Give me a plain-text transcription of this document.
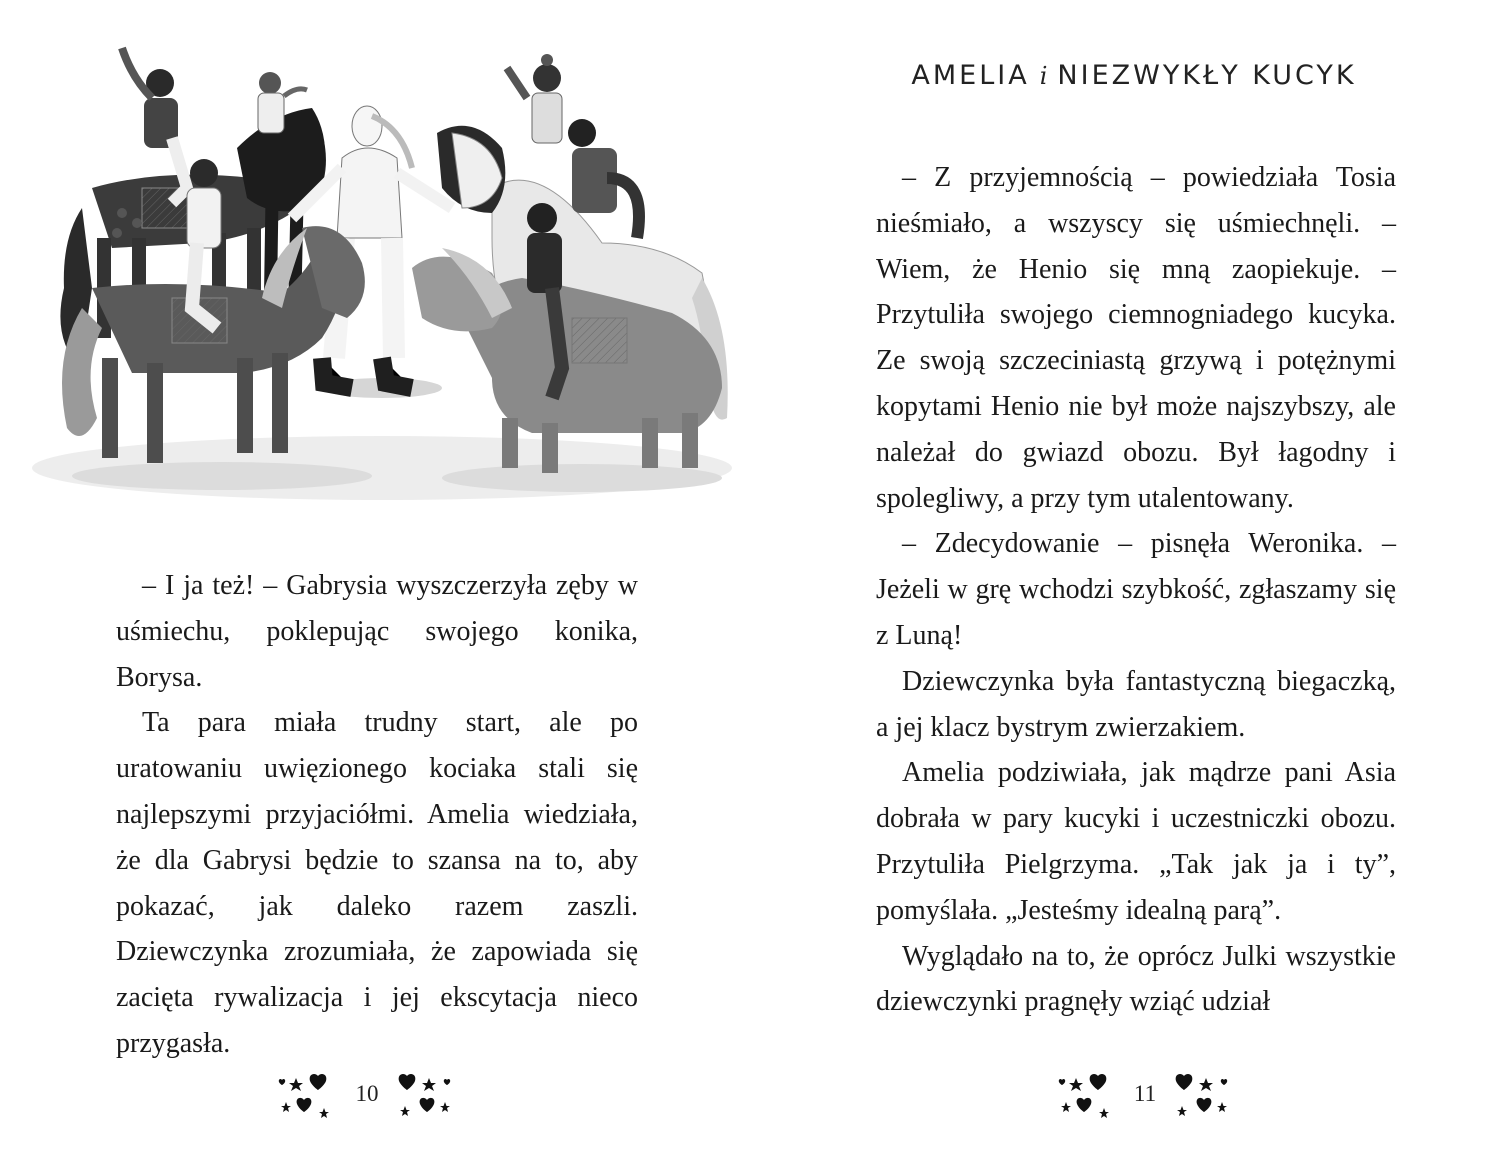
– I ja też! – Gabrysia wyszczerzyła zęby w uśmiechu, poklepując swojego konika, Borysa.

Ta para miała trudny start, ale po uratowaniu uwięzionego kociaka stali się najlepszymi przyjaciółmi. Amelia wiedziała, że dla Gabrysi będzie to szansa na to, aby pokazać, jak daleko razem zaszli. Dziewczynka zrozumiała, że zapowiada się zacięta rywalizacja i jej ekscytacja nieco przygasła.

10
AMELIA i NIEZWYKŁY KUCYK

– Z przyjemnością – powiedziała Tosia nieśmiało, a wszyscy się uśmiechnęli. – Wiem, że Henio się mną zaopiekuje. – Przytuliła swojego ciemnogniadego kucyka. Ze swoją szczeciniastą grzywą i potężnymi kopytami Henio nie był może najszybszy, ale należał do gwiazd obozu. Był łagodny i spolegliwy, a przy tym utalentowany.

– Zdecydowanie – pisnęła Weronika. – Jeżeli w grę wchodzi szybkość, zgłaszamy się z Luną!

Dziewczynka była fantastyczną biegaczką, a jej klacz bystrym zwierzakiem.

Amelia podziwiała, jak mądrze pani Asia dobrała w pary kucyki i uczestniczki obozu. Przytuliła Pielgrzyma. „Tak jak ja i ty”, pomyślała. „Jesteśmy idealną parą”.

Wyglądało na to, że oprócz Julki wszystkie dziewczynki pragnęły wziąć udział

11
